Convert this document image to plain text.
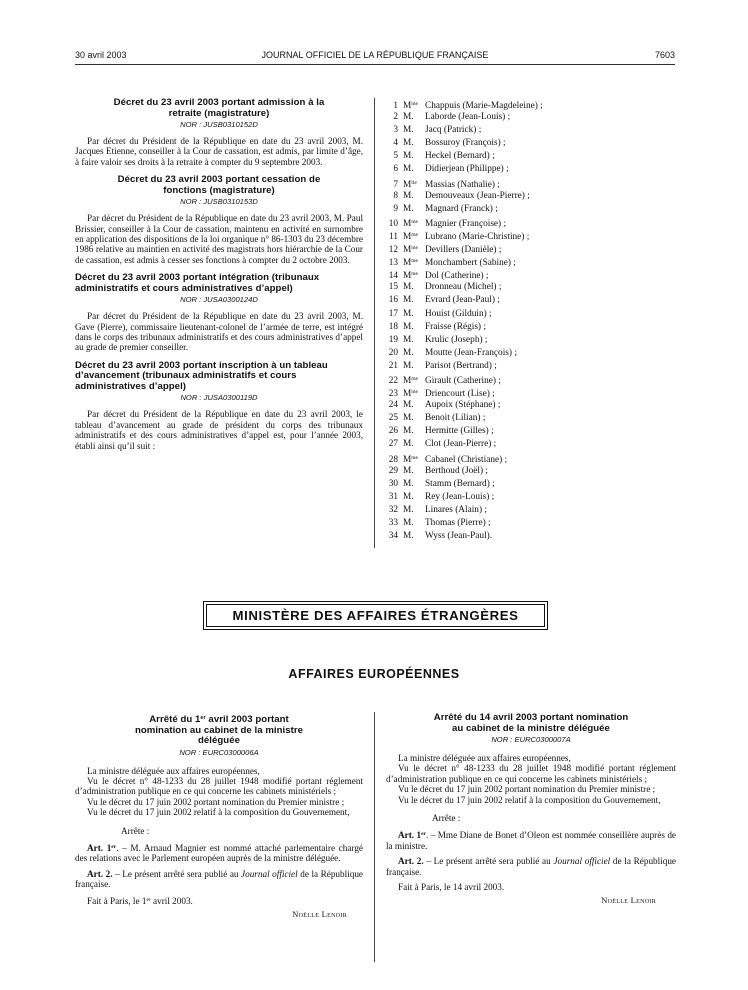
30 avril 2003	JOURNAL OFFICIEL DE LA RÉPUBLIQUE FRANÇAISE	7603
Décret du 23 avril 2003 portant admission à la retraite (magistrature)
NOR : JUSB0310152D

Par décret du Président de la République en date du 23 avril 2003, M. Jacques Etienne, conseiller à la Cour de cassation, est admis, par limite d’âge, à faire valoir ses droits à la retraite à compter du 9 septembre 2003.

Décret du 23 avril 2003 portant cessation de fonctions (magistrature)
NOR : JUSB0310153D

Par décret du Président de la République en date du 23 avril 2003, M. Paul Brissier, conseiller à la Cour de cassation, maintenu en activité en surnombre en application des dispositions de la loi organique n° 86-1303 du 23 décembre 1986 relative au maintien en activité des magistrats hors hiérarchie de la Cour de cassation, est admis à cesser ses fonctions à compter du 2 octobre 2003.

Décret du 23 avril 2003 portant intégration (tribunaux administratifs et cours administratives d’appel)
NOR : JUSA0300124D

Par décret du Président de la République en date du 23 avril 2003, M. Gave (Pierre), commissaire lieutenant-colonel de l’armée de terre, est intégré dans le corps des tribunaux administratifs et des cours administratives d’appel au grade de premier conseiller.

Décret du 23 avril 2003 portant inscription à un tableau d’avancement (tribunaux administratifs et cours administratives d’appel)
NOR : JUSA0300119D

Par décret du Président de la République en date du 23 avril 2003, le tableau d’avancement au grade de président du corps des tribunaux administratifs et des cours administratives d’appel est, pour l’année 2003, établi ainsi qu’il suit :

1 $M^{me}$ Chappuis (Marie-Magdeleine) ;
2 M. Laborde (Jean-Louis) ;
3 M. Jacq (Patrick) ;
4 M. Bossuroy (François) ;
5 M. Heckel (Bernard) ;
6 M. Didierjean (Philippe) ;
7 $M^{lle}$ Massias (Nathalie) ;
8 M. Demouveaux (Jean-Pierre) ;
9 M. Magnard (Franck) ;
10 $M^{me}$ Magnier (Françoise) ;
11 $M^{me}$ Lubrano (Marie-Christine) ;
12 $M^{me}$ Devillers (Danièle) ;
13 $M^{me}$ Monchambert (Sabine) ;
14 $M^{me}$ Dol (Catherine) ;
15 M. Dronneau (Michel) ;
16 M. Evrard (Jean-Paul) ;
17 M. Houist (Gilduin) ;
18 M. Fraisse (Régis) ;
19 M. Krulic (Joseph) ;
20 M. Moutte (Jean-François) ;
21 M. Parisot (Bertrand) ;
22 $M^{me}$ Girault (Catherine) ;
23 $M^{me}$ Driencourt (Lise) ;
24 M. Aupoix (Stéphane) ;
25 M. Benoit (Lilian) ;
26 M. Hermitte (Gilles) ;
27 M. Clot (Jean-Pierre) ;
28 $M^{me}$ Cabanel (Christiane) ;
29 M. Berthoud (Joël) ;
30 M. Stamm (Bernard) ;
31 M. Rey (Jean-Louis) ;
32 M. Linares (Alain) ;
33 M. Thomas (Pierre) ;
34 M. Wyss (Jean-Paul).
MINISTÈRE DES AFFAIRES ÉTRANGÈRES
AFFAIRES EUROPÉENNES
Arrêté du 1er avril 2003 portant nomination au cabinet de la ministre déléguée
NOR : EURC0300006A

La ministre déléguée aux affaires européennes,

Vu le décret n° 48-1233 du 28 juillet 1948 modifié portant réglement d’administration publique en ce qui concerne les cabinets ministériels ;

Vu le décret du 17 juin 2002 portant nomination du Premier ministre ;

Vu le décret du 17 juin 2002 relatif à la composition du Gouvernement,

Arrête :

Art. 1er. – M. Arnaud Magnier est nommé attaché parlementaire chargé des relations avec le Parlement européen auprès de la ministre déléguée.

Art. 2. – Le présent arrêté sera publié au Journal officiel de la République française.

Fait à Paris, le 1er avril 2003.

Noëlle Lenoir
Arrêté du 14 avril 2003 portant nomination au cabinet de la ministre déléguée
NOR : EURC0300007A

La ministre déléguée aux affaires européennes,

Vu le décret n° 48-1233 du 28 juillet 1948 modifié portant réglement d’administration publique en ce qui concerne les cabinets ministériels ;

Vu le décret du 17 juin 2002 portant nomination du Premier ministre ;

Vu le décret du 17 juin 2002 relatif à la composition du Gouvernement,

Arrête :

Art. 1er. – Mme Diane de Bonet d’Oleon est nommée conseillère auprès de la ministre.

Art. 2. – Le présent arrêté sera publié au Journal officiel de la République française.

Fait à Paris, le 14 avril 2003.

Noëlle Lenoir
